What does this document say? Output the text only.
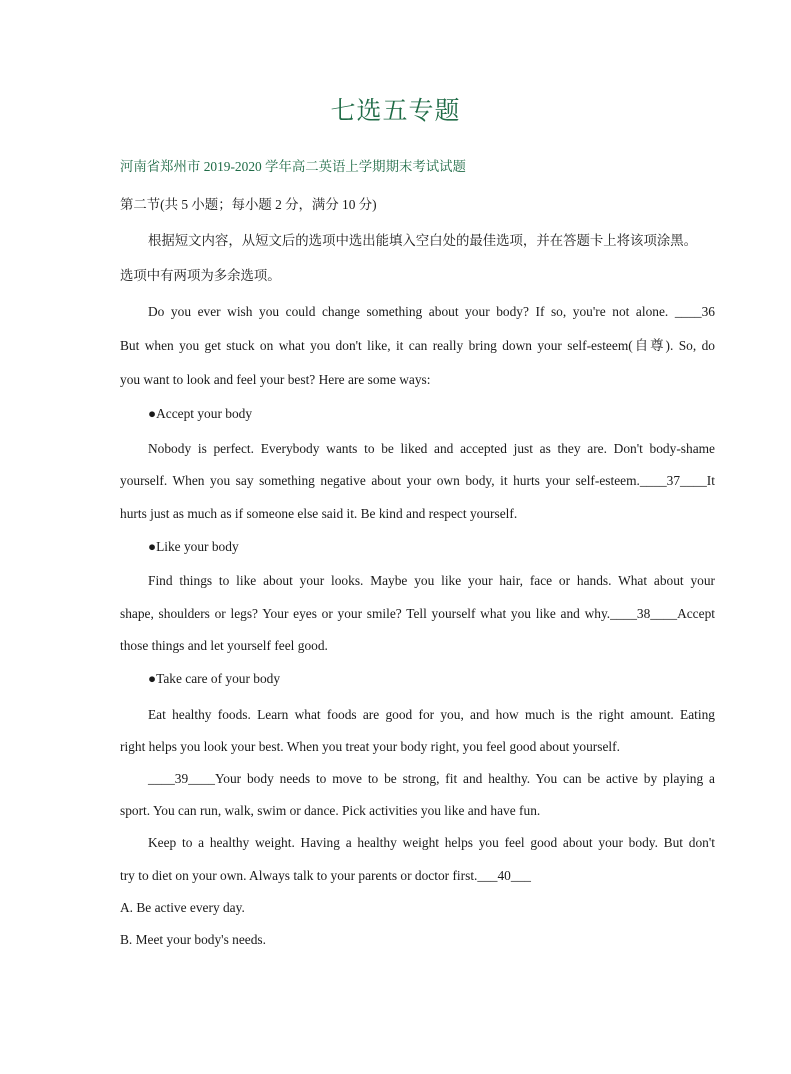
七选五专题
河南省郑州市 2019-2020 学年高二英语上学期期末考试试题
第二节(共 5 小题；每小题 2 分，满分 10 分)
根据短文内容，从短文后的选项中选出能填入空白处的最佳选项，并在答题卡上将该项涂黑。
选项中有两项为多余选项。
Do you ever wish you could change something about your body? If so, you're not alone. ____36
But when you get stuck on what you don't like, it can really bring down your self-esteem(自尊). So, do
you want to look and feel your best? Here are some ways:
●Accept your body
Nobody is perfect. Everybody wants to be liked and accepted just as they are. Don't body-shame
yourself. When you say something negative about your own body, it hurts your self-esteem.____37____It
hurts just as much as if someone else said it. Be kind and respect yourself.
●Like your body
Find things to like about your looks. Maybe you like your hair, face or hands. What about your
shape, shoulders or legs? Your eyes or your smile? Tell yourself what you like and why.____38____Accept
those things and let yourself feel good.
●Take care of your body
Eat healthy foods. Learn what foods are good for you, and how much is the right amount. Eating
right helps you look your best. When you treat your body right, you feel good about yourself.
____39____Your body needs to move to be strong, fit and healthy. You can be active by playing a
sport. You can run, walk, swim or dance. Pick activities you like and have fun.
Keep to a healthy weight. Having a healthy weight helps you feel good about your body. But don't
try to diet on your own. Always talk to your parents or doctor first.___40___
A. Be active every day.
B. Meet your body's needs.
